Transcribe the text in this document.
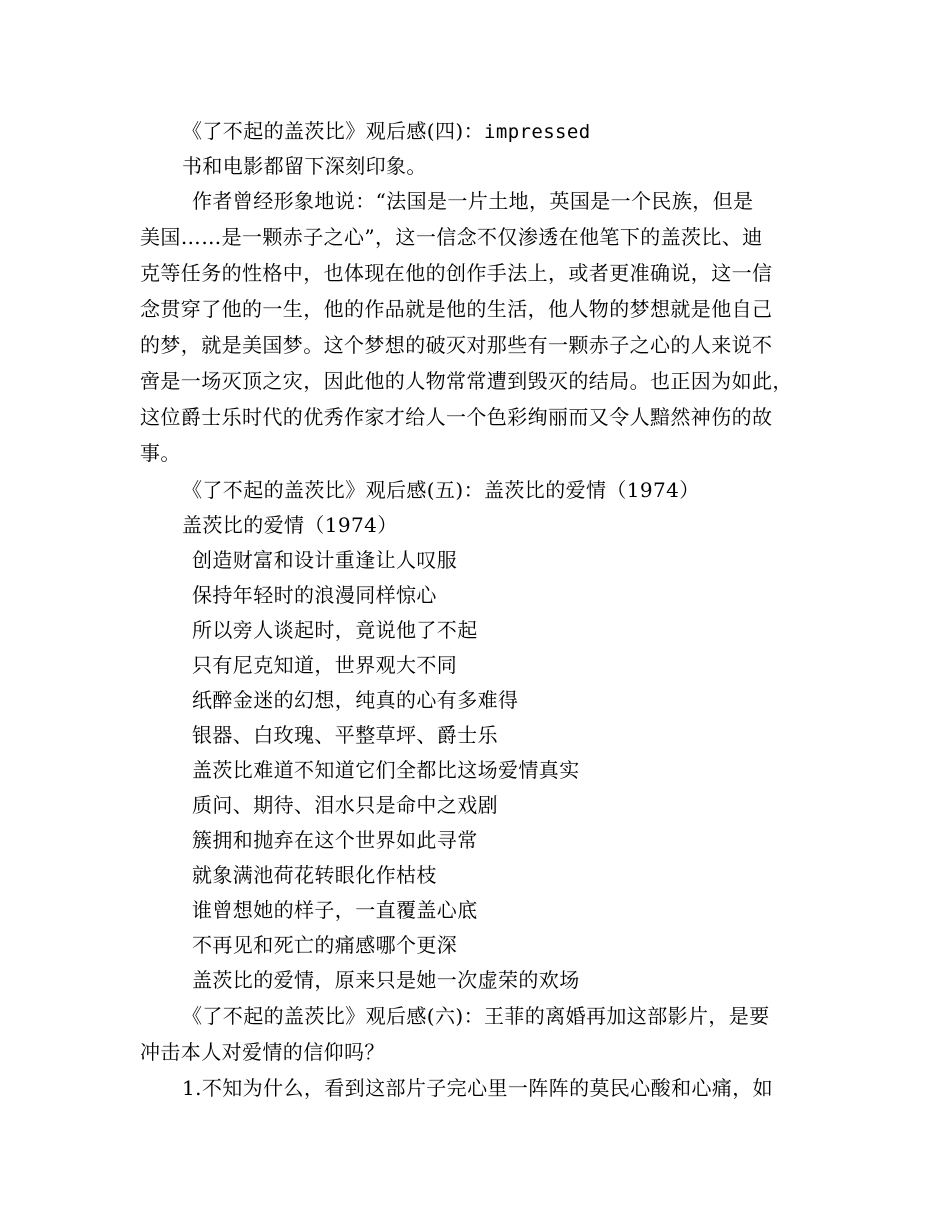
《了不起的盖茨比》观后感(四)：impressed
书和电影都留下深刻印象。
作者曾经形象地说：“法国是一片土地，英国是一个民族，但是
美国……是一颗赤子之心”，这一信念不仅渗透在他笔下的盖茨比、迪
克等任务的性格中，也体现在他的创作手法上，或者更准确说，这一信
念贯穿了他的一生，他的作品就是他的生活，他人物的梦想就是他自己
的梦，就是美国梦。这个梦想的破灭对那些有一颗赤子之心的人来说不
啻是一场灭顶之灾，因此他的人物常常遭到毁灭的结局。也正因为如此，
这位爵士乐时代的优秀作家才给人一个色彩绚丽而又令人黯然神伤的故
事。
《了不起的盖茨比》观后感(五)：盖茨比的爱情（1974）
盖茨比的爱情（1974）
创造财富和设计重逢让人叹服
保持年轻时的浪漫同样惊心
所以旁人谈起时，竟说他了不起
只有尼克知道，世界观大不同
纸醉金迷的幻想，纯真的心有多难得
银器、白玫瑰、平整草坪、爵士乐
盖茨比难道不知道它们全都比这场爱情真实
质问、期待、泪水只是命中之戏剧
簇拥和抛弃在这个世界如此寻常
就象满池荷花转眼化作枯枝
谁曾想她的样子，一直覆盖心底
不再见和死亡的痛感哪个更深
盖茨比的爱情，原来只是她一次虚荣的欢场
《了不起的盖茨比》观后感(六)：王菲的离婚再加这部影片，是要
冲击本人对爱情的信仰吗？
1.不知为什么，看到这部片子完心里一阵阵的莫民心酸和心痛，如
